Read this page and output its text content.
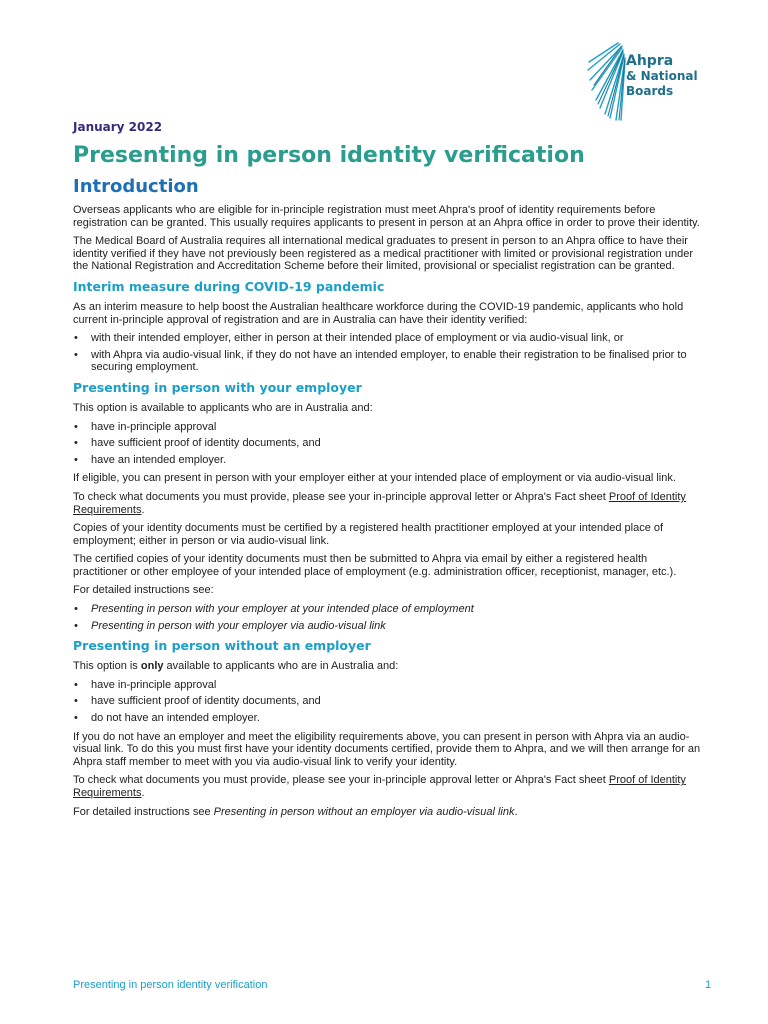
Ahpra
& National
Boards
January 2022
Presenting in person identity verification
Introduction

Overseas applicants who are eligible for in-principle registration must meet Ahpra's proof of identity requirements before registration can be granted. This usually requires applicants to present in person at an Ahpra office in order to prove their identity.

The Medical Board of Australia requires all international medical graduates to present in person to an Ahpra office to have their identity verified if they have not previously been registered as a medical practitioner with limited or provisional registration under the National Registration and Accreditation Scheme before their limited, provisional or specialist registration can be granted.

Interim measure during COVID-19 pandemic

As an interim measure to help boost the Australian healthcare workforce during the COVID-19 pandemic, applicants who hold current in-principle approval of registration and are in Australia can have their identity verified:

• with their intended employer, either in person at their intended place of employment or via audio-visual link, or
• with Ahpra via audio-visual link, if they do not have an intended employer, to enable their registration to be finalised prior to securing employment.
Presenting in person with your employer

This option is available to applicants who are in Australia and:

• have in-principle approval
• have sufficient proof of identity documents, and
• have an intended employer.

If eligible, you can present in person with your employer either at your intended place of employment or via audio-visual link.

To check what documents you must provide, please see your in-principle approval letter or Ahpra's Fact sheet Proof of Identity Requirements.

Copies of your identity documents must be certified by a registered health practitioner employed at your intended place of employment; either in person or via audio-visual link.

The certified copies of your identity documents must then be submitted to Ahpra via email by either a registered health practitioner or other employee of your intended place of employment (e.g. administration officer, receptionist, manager, etc.).

For detailed instructions see:

• Presenting in person with your employer at your intended place of employment
• Presenting in person with your employer via audio-visual link
Presenting in person without an employer

This option is only available to applicants who are in Australia and:

• have in-principle approval
• have sufficient proof of identity documents, and
• do not have an intended employer.

If you do not have an employer and meet the eligibility requirements above, you can present in person with Ahpra via an audio-visual link. To do this you must first have your identity documents certified, provide them to Ahpra, and we will then arrange for an Ahpra staff member to meet with you via audio-visual link to verify your identity.

To check what documents you must provide, please see your in-principle approval letter or Ahpra's Fact sheet Proof of Identity Requirements.

For detailed instructions see Presenting in person without an employer via audio-visual link.

Presenting in person identity verification	1
